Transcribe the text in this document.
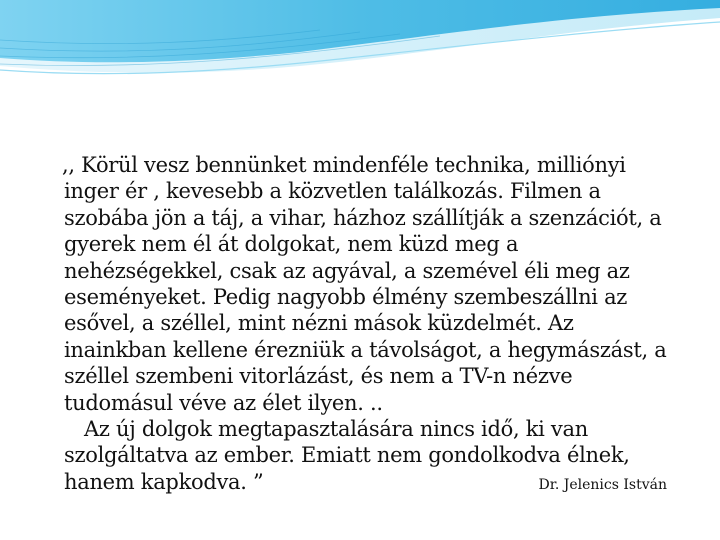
,, Körül vesz bennünket mindenféle technika, milliónyi
inger ér , kevesebb a közvetlen találkozás. Filmen a
szobába jön a táj, a vihar, házhoz szállítják a szenzációt, a
gyerek nem él át dolgokat, nem küzd meg a
nehézségekkel, csak az agyával, a szemével éli meg az
eseményeket. Pedig nagyobb élmény szembeszállni az
esővel, a széllel, mint nézni mások küzdelmét. Az
inainkban kellene érezniük a távolságot, a hegymászást, a
széllel szembeni vitorlázást, és nem a TV-n nézve
tudomásul véve az élet ilyen. ..
Az új dolgok megtapasztalására nincs idő, ki van
szolgáltatva az ember. Emiatt nem gondolkodva élnek,
hanem kapkodva. ”	Dr. Jelenics István
